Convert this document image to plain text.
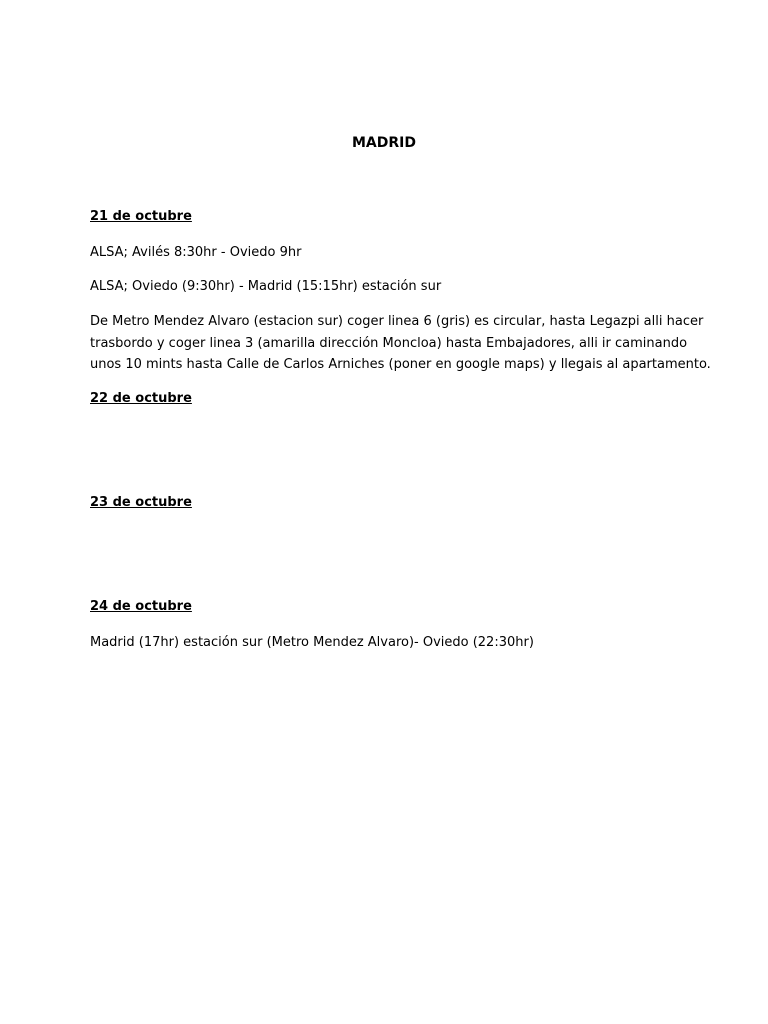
MADRID
21 de octubre
ALSA; Avilés 8:30hr - Oviedo 9hr
ALSA; Oviedo (9:30hr) - Madrid (15:15hr) estación sur
De Metro Mendez Alvaro (estacion sur) coger linea 6 (gris) es circular, hasta Legazpi alli hacer
trasbordo y coger linea 3 (amarilla dirección Moncloa) hasta Embajadores, alli ir caminando
unos 10 mints hasta Calle de Carlos Arniches (poner en google maps) y llegais al apartamento.
22 de octubre
23 de octubre
24 de octubre
Madrid (17hr) estación sur (Metro Mendez Alvaro)- Oviedo (22:30hr)
